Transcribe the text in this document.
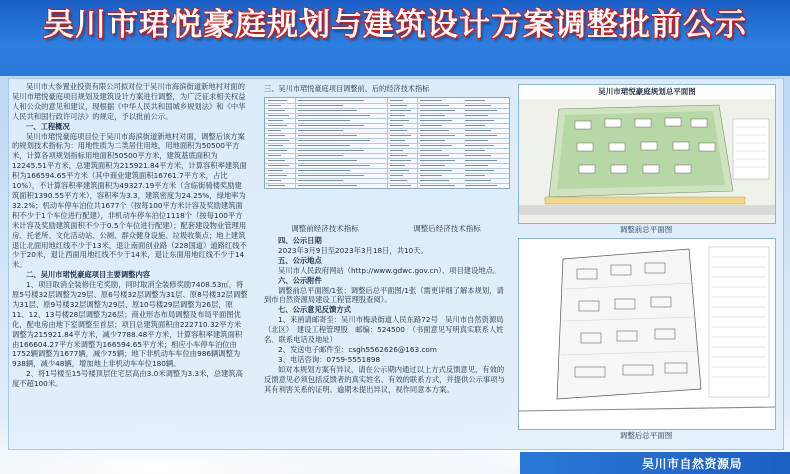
吴川市珺悦豪庭规划与建筑设计方案调整批前公示

吴川市大参置业投资有限公司拟对位于吴川市海滨街道新地村对面的吴川市珺悦豪庭项目规划及建筑设计方案进行调整，为广泛征求相关权益人和公众的意见和建议，现根据《中华人民共和国城乡规划法》和《中华人民共和国行政许可法》的规定，予以批前公示。

一、工程概况

吴川市珺悦豪庭项目位于吴川市海滨街道新地村对面，调整后该方案的规划技术指标为：用地性质为二类居住用地，用地面积为50500平方米，计算各项规划指标用地面积50500平方米，建筑基底面积为12245.51平方米，总建筑面积为215921.84平方米，计算容积率建筑面积为166594.65平方米（其中商业建筑面积16761.7平方米，占比10%），不计算容积率建筑面积为49327.19平方米（含临街骑楼奖励建筑面积1390.55平方米），容积率为3.3，建筑密度为24.25%，绿地率为32.2%；机动车停车泊位共1677个（按每100平方米计容及奖励建筑面积不少于1个车位进行配建），非机动车停车泊位1118个（按每100平方米计容及奖励建筑面积不少于0.5个车位进行配建）；配套建设物业管理用房、托老所、文化活动站、公厕、群众健身设施、垃圾收集点；地上建筑退让北面用地红线不少于13米，退让南面创业路（228国道）道路红线不少于20米，退让西面用地红线不少于14米，退让东面用地红线不少于14米。

二、吴川市珺悦豪庭项目主要调整内容

1、项目取消全装修住宅奖励，同时取消全装修奖励7408.53㎡，将原5号楼32层调整为29层、原6号楼32层调整为31层、原8号楼32层调整为31层、原9号楼32层调整为29层、原10号楼29层调整为26层，原11、12、13号楼28层调整为26层；商业形态布局调整及布局平面图优化，配电房由地下室调整至首层；项目总建筑面积由222710.32平方米调整为215921.84平方米，减少7788.48平方米，计算容积率建筑面积由166604.27平方米调整为166594.65平方米；相应小车停车泊位由1752辆调整为1677辆，减少75辆；地下非机动车车位由986辆调整为938辆，减少48辆，增加地上非机动车车位180辆。

2、将1号楼至15号楼顶层住宅层高由3.0米调整为3.3米，总建筑高度不超100米。

三、吴川市珺悦豪庭项目调整前、后的经济技术指标
调整前经济技术指标	调整后经济技术指标

四、公示日期

2023年3月9日至2023年3月18日，共10天。

五、公示地点

吴川市人民政府网站（http://www.gdwc.gov.cn）、项目建设地点。

六、公示附件

调整前总平面图/1张；调整后总平面图/1张（需更详细了解本规划，请到市自然资源局建设工程管理股查阅）。

七、公示意见反馈方式

1、来函请邮寄至：吴川市梅录街道人民东路72号　吴川市自然资源局（北区）　建设工程管理股　邮编：524500　（书面意见写明真实联系人姓名、联系电话及地址）

2、发送电子邮件至：csgh5562626@163.com

3、电话咨询：0759-5551898

如对本规划方案有异议，请在公示期内通过以上方式反馈意见，有效的反馈意见必须包括反馈者的真实姓名、有效的联系方式，并提供公示事项与其有利害关系的证明。逾期未提出异议，视作同意本方案。

吴川市珺悦豪庭规划总平面图
调整前总平面图
调整后总平面图
吴川市自然资源局
